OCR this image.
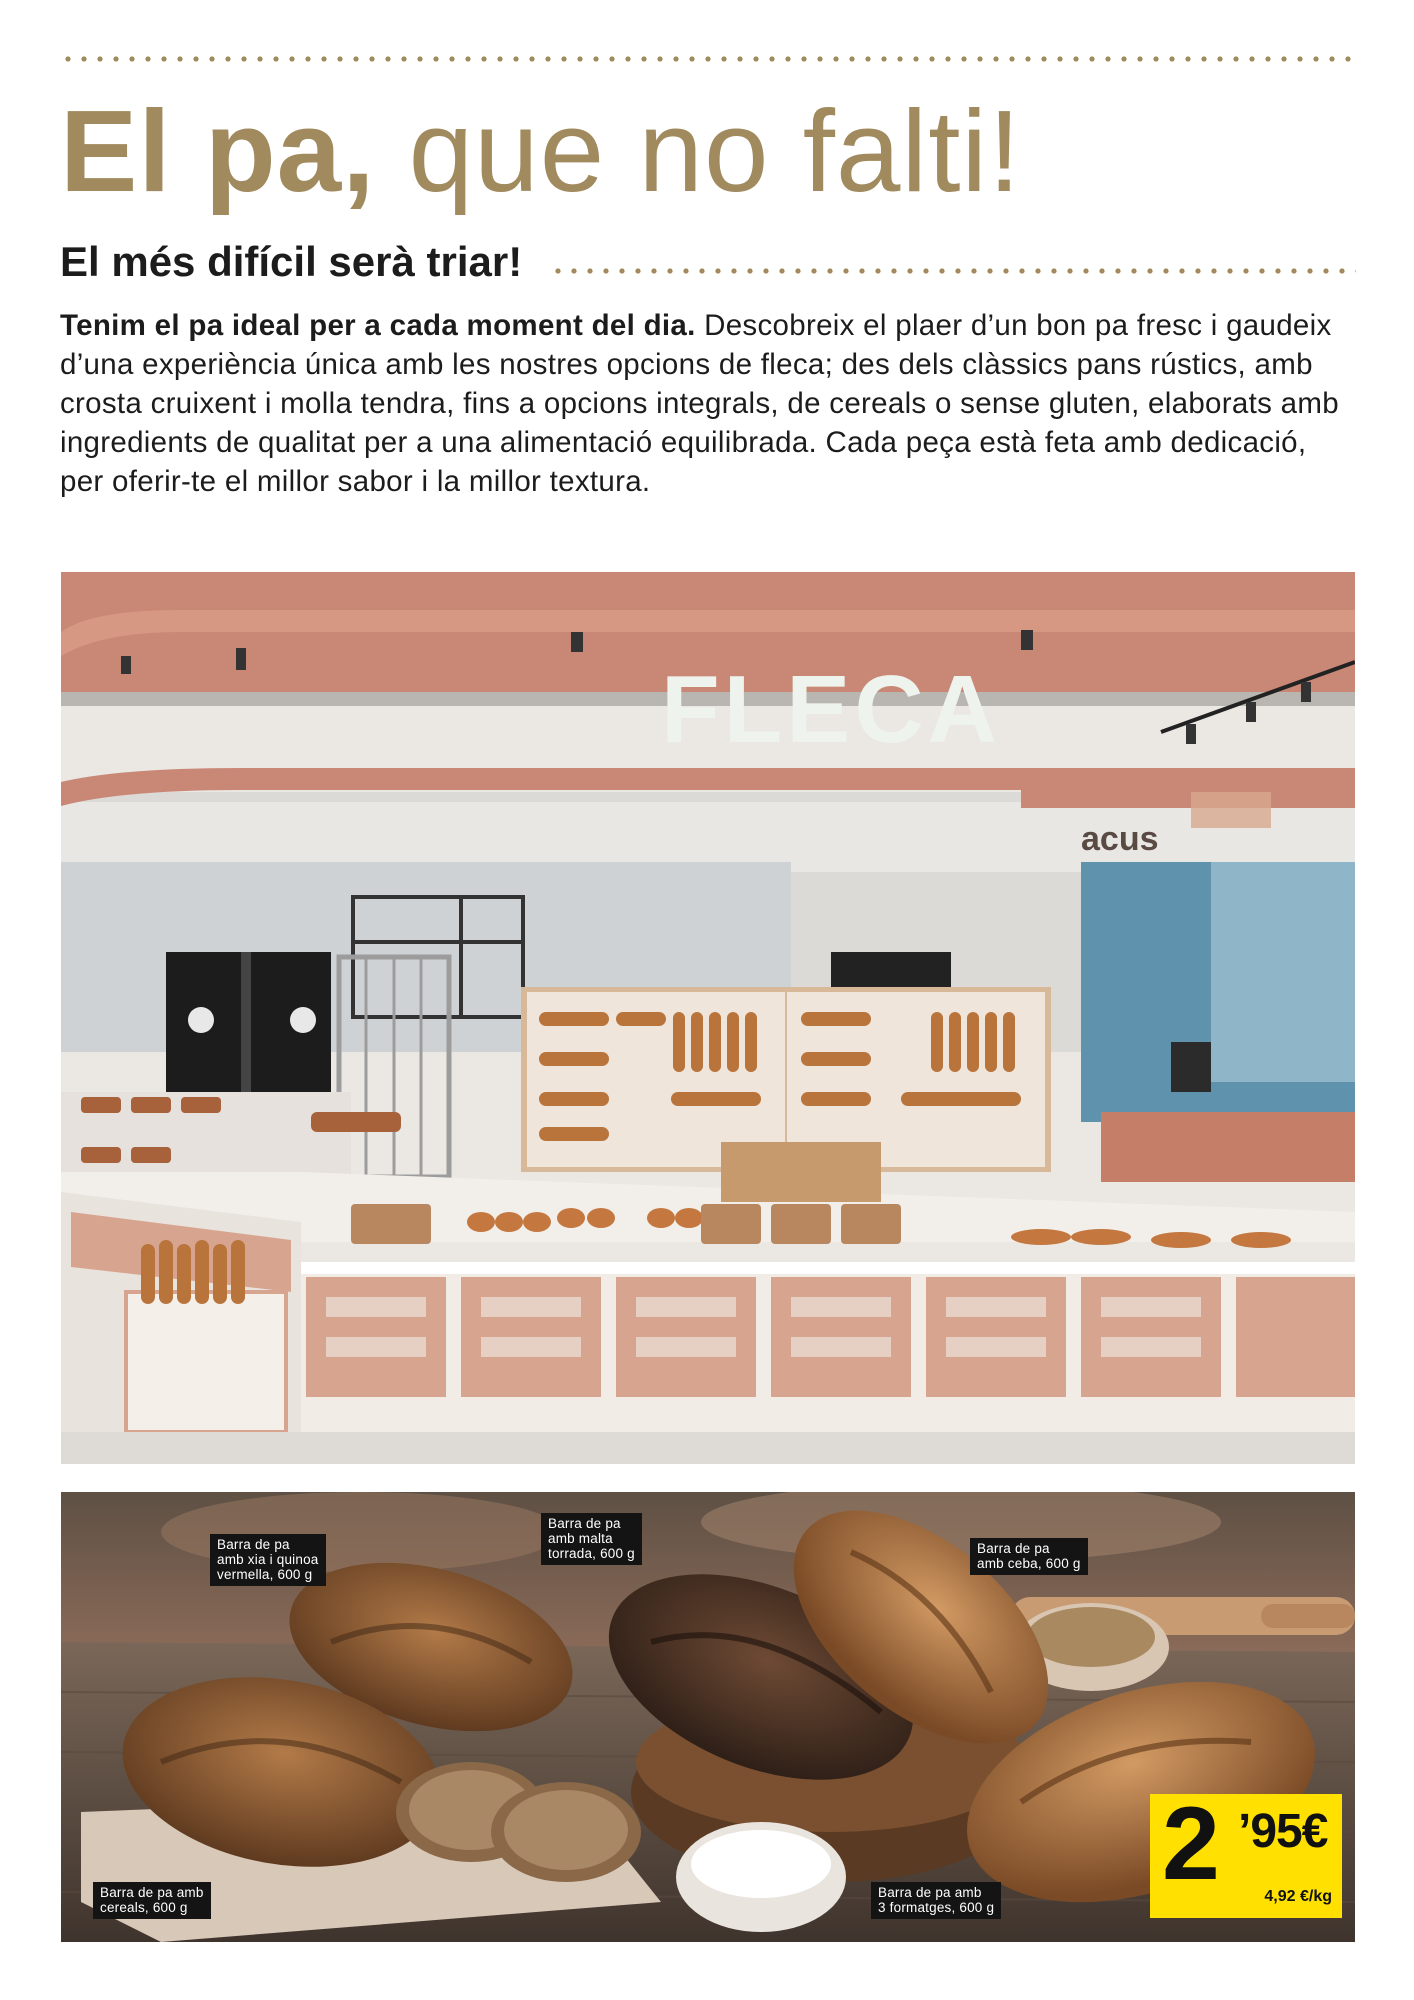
El pa, que no falti!
El més difícil serà triar!

Tenim el pa ideal per a cada moment del dia. Descobreix el plaer d’un bon pa fresc i gaudeix d’una experiència única amb les nostres opcions de fleca; des dels clàssics pans rústics, amb crosta cruixent i molla tendra, fins a opcions integrals, de cereals o sense gluten, elaborats amb ingredients de qualitat per a una alimentació equilibrada. Cada peça està feta amb dedicació, per oferir-te el millor sabor i la millor textura.

FLECA
acus
Barra de pa
amb xia i quinoa
vermella, 600 g
Barra de pa
amb malta
torrada, 600 g	Barra de pa
amb ceba, 600 g
Barra de pa amb
cereals, 600 g
Barra de pa amb
3 formatges, 600 g
2 ’95€
4,92 €/kg
